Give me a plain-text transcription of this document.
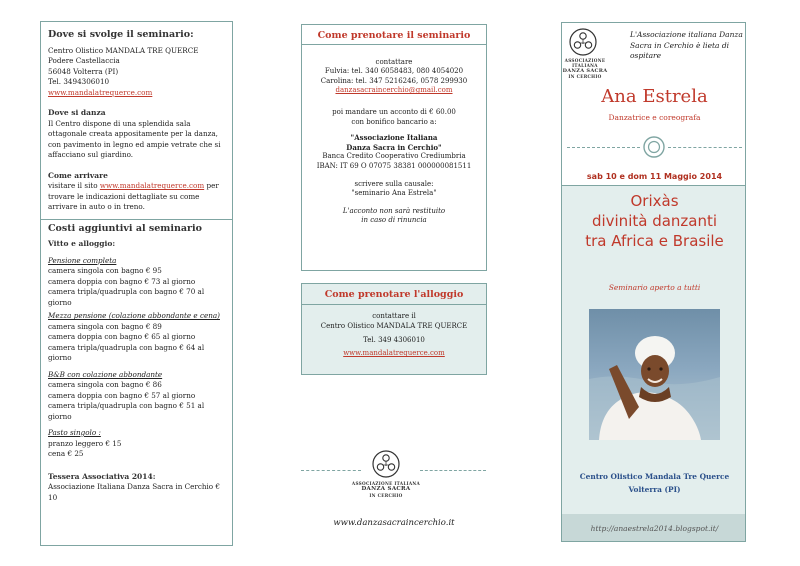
Dove si svolge il seminario:

Centro Olistico MANDALA TRE QUERCE

Podere Castellaccia

56048 Volterra (PI)

Tel. 3494306010

www.mandalatrequerce.com

Dove si danza

Il Centro dispone di una splendida sala ottagonale creata appositamente per la danza, con pavimento in legno ed ampie vetrate che si affacciano sul giardino.

Come arrivare

visitare il sito www.mandalatrequerce.com per trovare le indicazioni dettagliate su come arrivare in auto o in treno.

Costi aggiuntivi al seminario

Vitto e alloggio:

Pensione completa

camera singola con bagno € 95

camera doppia con bagno € 73 al giorno

camera tripla/quadrupla con bagno € 70 al giorno

Mezza pensione (colazione abbondante e cena)

camera singola con bagno € 89

camera doppia con bagno € 65 al giorno

camera tripla/quadrupla con bagno € 64 al giorno

B&B con colazione abbondante

camera singola con bagno € 86

camera doppia con bagno € 57 al giorno

camera tripla/quadrupla con bagno € 51 al giorno

Pasto singolo :

pranzo leggero € 15

cena € 25

Tessera Associativa 2014:

Associazione Italiana Danza Sacra in Cerchio € 10

Come prenotare il seminario

contattare

Fulvia: tel. 340 6058483, 080 4054020

Carolina: tel. 347 5216246, 0578 299930

danzasacraincerchio@gmail.com

poi mandare un acconto di € 60.00

con bonifico bancario a:

"Associazione Italiana

Danza Sacra in Cerchio"

Banca Credito Cooperativo Crediumbria

IBAN: IT 69 O 07075 38381 000000081511

scrivere sulla causale:

"seminario Ana Estrela"

L'acconto non sarà restituito

in caso di rinuncia

Come prenotare l'alloggio

contattare il

Centro Olistico MANDALA TRE QUERCE

Tel. 349 4306010

www.mandalatrequerce.com

ASSOCIAZIONE ITALIANA
DANZA SACRA
IN CERCHIO
www.danzasacraincerchio.it
ASSOCIAZIONE ITALIANA
DANZA SACRA
IN CERCHIO
L'Associazione italiana Danza Sacra in Cerchio è lieta di ospitare
Ana Estrela
Danzatrice e coreografa
sab 10 e dom 11 Maggio 2014
Orixàs
divinità danzanti
tra Africa e Brasile
Seminario aperto a tutti
Centro Olistico Mandala Tre Querce
Volterra (PI)
http://anaestrela2014.blogspot.it/
